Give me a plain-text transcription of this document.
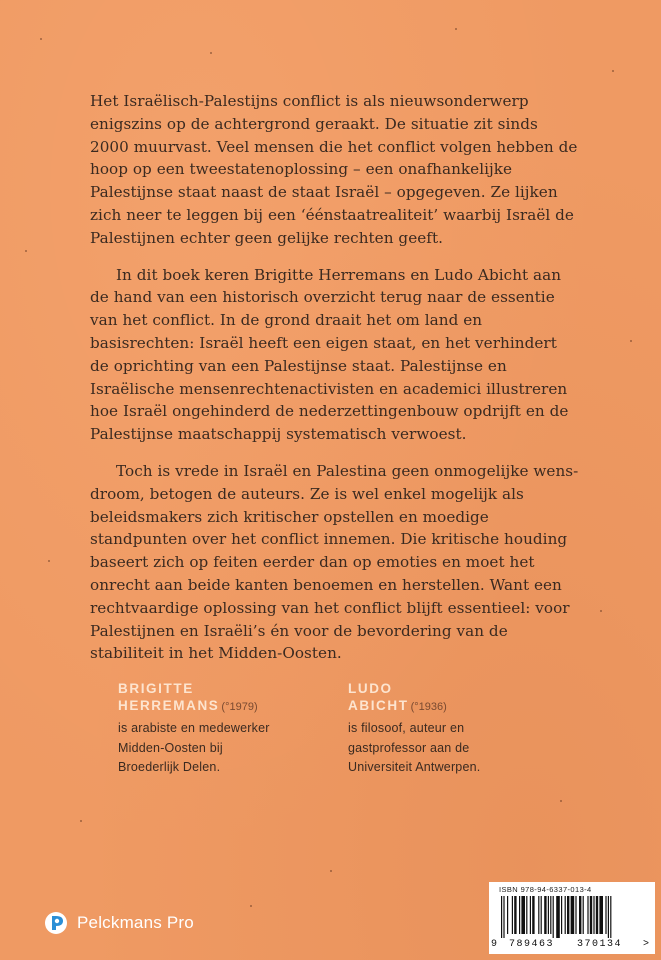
Het Israëlisch-Palestijns conflict is als nieuwsonderwerp enigszins op de achtergrond geraakt. De situatie zit sinds 2000 muurvast. Veel mensen die het conflict volgen hebben de hoop op een tweestatenoplossing – een onafhankelijke Palestijnse staat naast de staat Israël – opgegeven. Ze lijken zich neer te leggen bij een ‘éénstaatrealiteit’ waarbij Israël de Palestijnen echter geen gelijke rechten geeft.

In dit boek keren Brigitte Herremans en Ludo Abicht aan de hand van een historisch overzicht terug naar de essentie van het conflict. In de grond draait het om land en basisrechten: Israël heeft een eigen staat, en het verhindert de oprichting van een Palestijnse staat. Palestijnse en Israëlische mensenrechtenactivisten en academici illustreren hoe Israël ongehinderd de nederzettingenbouw opdrijft en de Palestijnse maatschappij systematisch verwoest.

Toch is vrede in Israël en Palestina geen onmogelijke wensdroom, betogen de auteurs. Ze is wel enkel mogelijk als beleidsmakers zich kritischer opstellen en moedige standpunten over het conflict innemen. Die kritische houding baseert zich op feiten eerder dan op emoties en moet het onrecht aan beide kanten benoemen en herstellen. Want een rechtvaardige oplossing van het conflict blijft essentieel: voor Palestijnen en Israëli’s én voor de bevordering van de stabiliteit in het Midden-Oosten.

BRIGITTE
HERREMANS (°1979)
is arabiste en medewerker
Midden-Oosten bij
Broederlijk Delen.
LUDO
ABICHT (°1936)
is filosoof, auteur en
gastprofessor aan de
Universiteit Antwerpen.
Pelckmans Pro
ISBN 978-94-6337-013-4
9 789463 370134 >
